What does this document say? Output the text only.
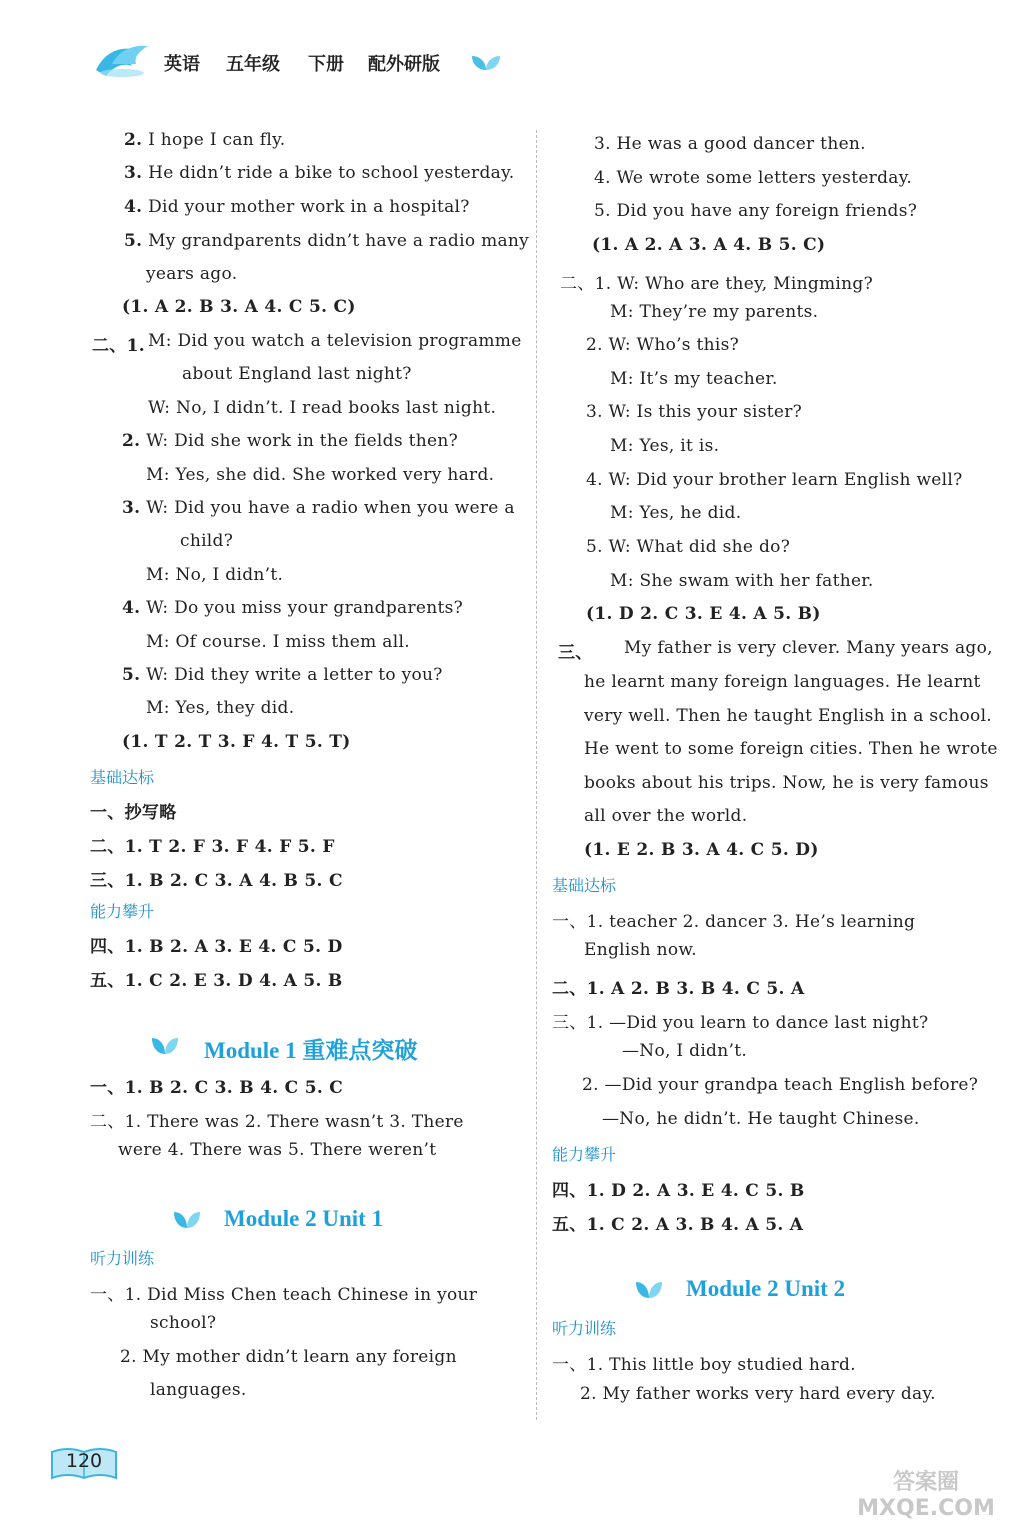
英语 五年级 下册 配外研版
2. I hope I can fly.
3. He didn’t ride a bike to school yesterday.
4. Did your mother work in a hospital?
5. My grandparents didn’t have a radio many
years ago.
(1. A 2. B 3. A 4. C 5. C)
二、1. M: Did you watch a television programme
about England last night?
W: No, I didn’t. I read books last night.
2. W: Did she work in the fields then?
M: Yes, she did. She worked very hard.
3. W: Did you have a radio when you were a
child?
M: No, I didn’t.
4. W: Do you miss your grandparents?
M: Of course. I miss them all.
5. W: Did they write a letter to you?
M: Yes, they did.
(1. T 2. T 3. F 4. T 5. T)
基础达标
一、抄写略
二、1. T 2. F 3. F 4. F 5. F
三、1. B 2. C 3. A 4. B 5. C
能力攀升
四、1. B 2. A 3. E 4. C 5. D
五、1. C 2. E 3. D 4. A 5. B
Module 1 重难点突破
一、1. B 2. C 3. B 4. C 5. C
二、1. There was 2. There wasn’t 3. There
were 4. There was 5. There weren’t
Module 2 Unit 1
听力训练
一、1. Did Miss Chen teach Chinese in your
school?
2. My mother didn’t learn any foreign
languages.
3. He was a good dancer then.
4. We wrote some letters yesterday.
5. Did you have any foreign friends?
(1. A 2. A 3. A 4. B 5. C)
二、1. W: Who are they, Mingming?
M: They’re my parents.
2. W: Who’s this?
M: It’s my teacher.
3. W: Is this your sister?
M: Yes, it is.
4. W: Did your brother learn English well?
M: Yes, he did.
5. W: What did she do?
M: She swam with her father.
(1. D 2. C 3. E 4. A 5. B)
三、 My father is very clever. Many years ago,
he learnt many foreign languages. He learnt
very well. Then he taught English in a school.
He went to some foreign cities. Then he wrote
books about his trips. Now, he is very famous
all over the world.
(1. E 2. B 3. A 4. C 5. D)
基础达标
一、1. teacher 2. dancer 3. He’s learning
English now.
二、1. A 2. B 3. B 4. C 5. A
三、1. —Did you learn to dance last night?
—No, I didn’t.
2. —Did your grandpa teach English before?
—No, he didn’t. He taught Chinese.
能力攀升
四、1. D 2. A 3. E 4. C 5. B
五、1. C 2. A 3. B 4. A 5. A
Module 2 Unit 2
听力训练
一、1. This little boy studied hard.
2. My father works very hard every day.
120
答案圈 MXQE.COM
